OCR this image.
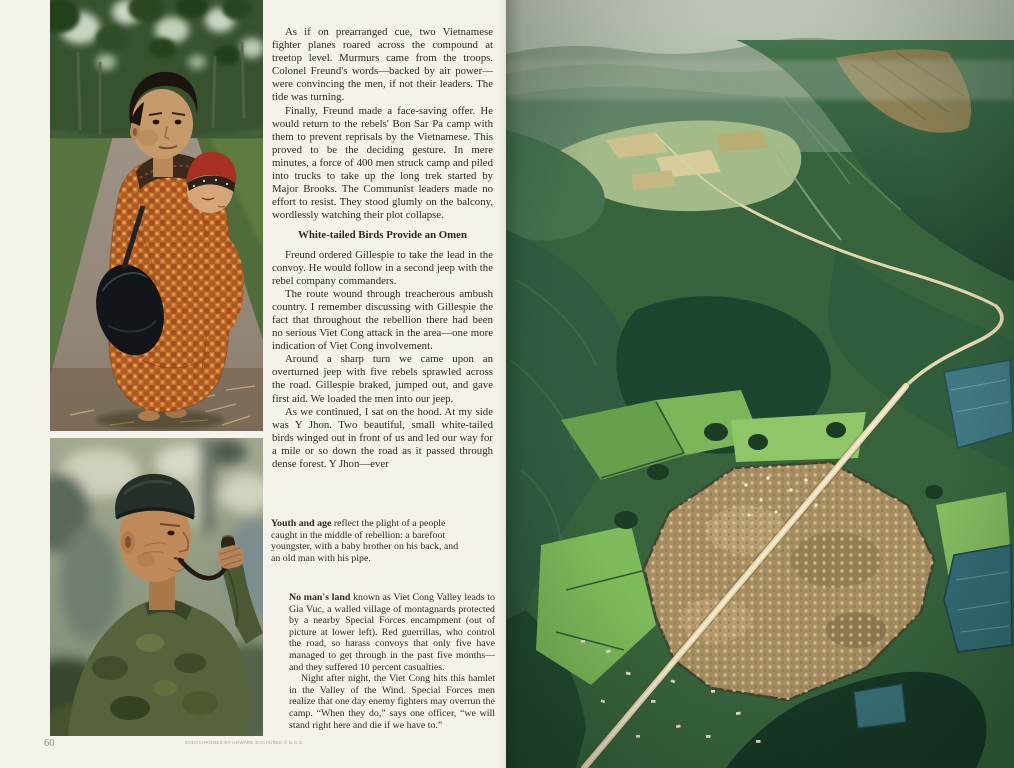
As if on prearranged cue, two Vietnamese fighter planes roared across the compound at treetop level. Murmurs came from the troops. Colonel Freund's words—backed by air power—were convincing the men, if not their leaders. The tide was turning.

Finally, Freund made a face-saving offer. He would return to the rebels' Bon Sar Pa camp with them to prevent reprisals by the Vietnamese. This proved to be the deciding gesture. In mere minutes, a force of 400 men struck camp and piled into trucks to take up the long trek started by Major Brooks. The Communist leaders made no effort to resist. They stood glumly on the balcony, wordlessly watching their plot collapse.

White-tailed Birds Provide an Omen

Freund ordered Gillespie to take the lead in the convoy. He would follow in a second jeep with the rebel company commanders.

The route wound through treacherous ambush country. I remember discussing with Gillespie the fact that throughout the rebellion there had been no serious Viet Cong attack in the area—one more indication of Viet Cong involvement.

Around a sharp turn we came upon an overturned jeep with five rebels sprawled across the road. Gillespie braked, jumped out, and gave first aid. We loaded the men into our jeep.

As we continued, I sat on the hood. At my side was Y Jhon. Two beautiful, small white-tailed birds winged out in front of us and led our way for a mile or so down the road as it passed through dense forest. Y Jhon—ever

Youth and age reflect the plight of a people caught in the middle of rebellion: a barefoot youngster, with a baby brother on his back, and an old man with his pipe.

No man's land known as Viet Cong Valley leads to Gia Vuc, a walled village of montagnards protected by a nearby Special Forces encampment (out of picture at lower left). Red guerrillas, who control the road, so harass convoys that only five have managed to get through in the past five months—and they suffered 10 percent casualties.

Night after night, the Viet Cong hits this hamlet in the Valley of the Wind. Special Forces men realize that one day enemy fighters may overrun the camp. “When they do,” says one officer, “we will stand right here and die if we have to.”

60	KODACHROMES BY HOWARD SOCHUREK © N.G.S.
